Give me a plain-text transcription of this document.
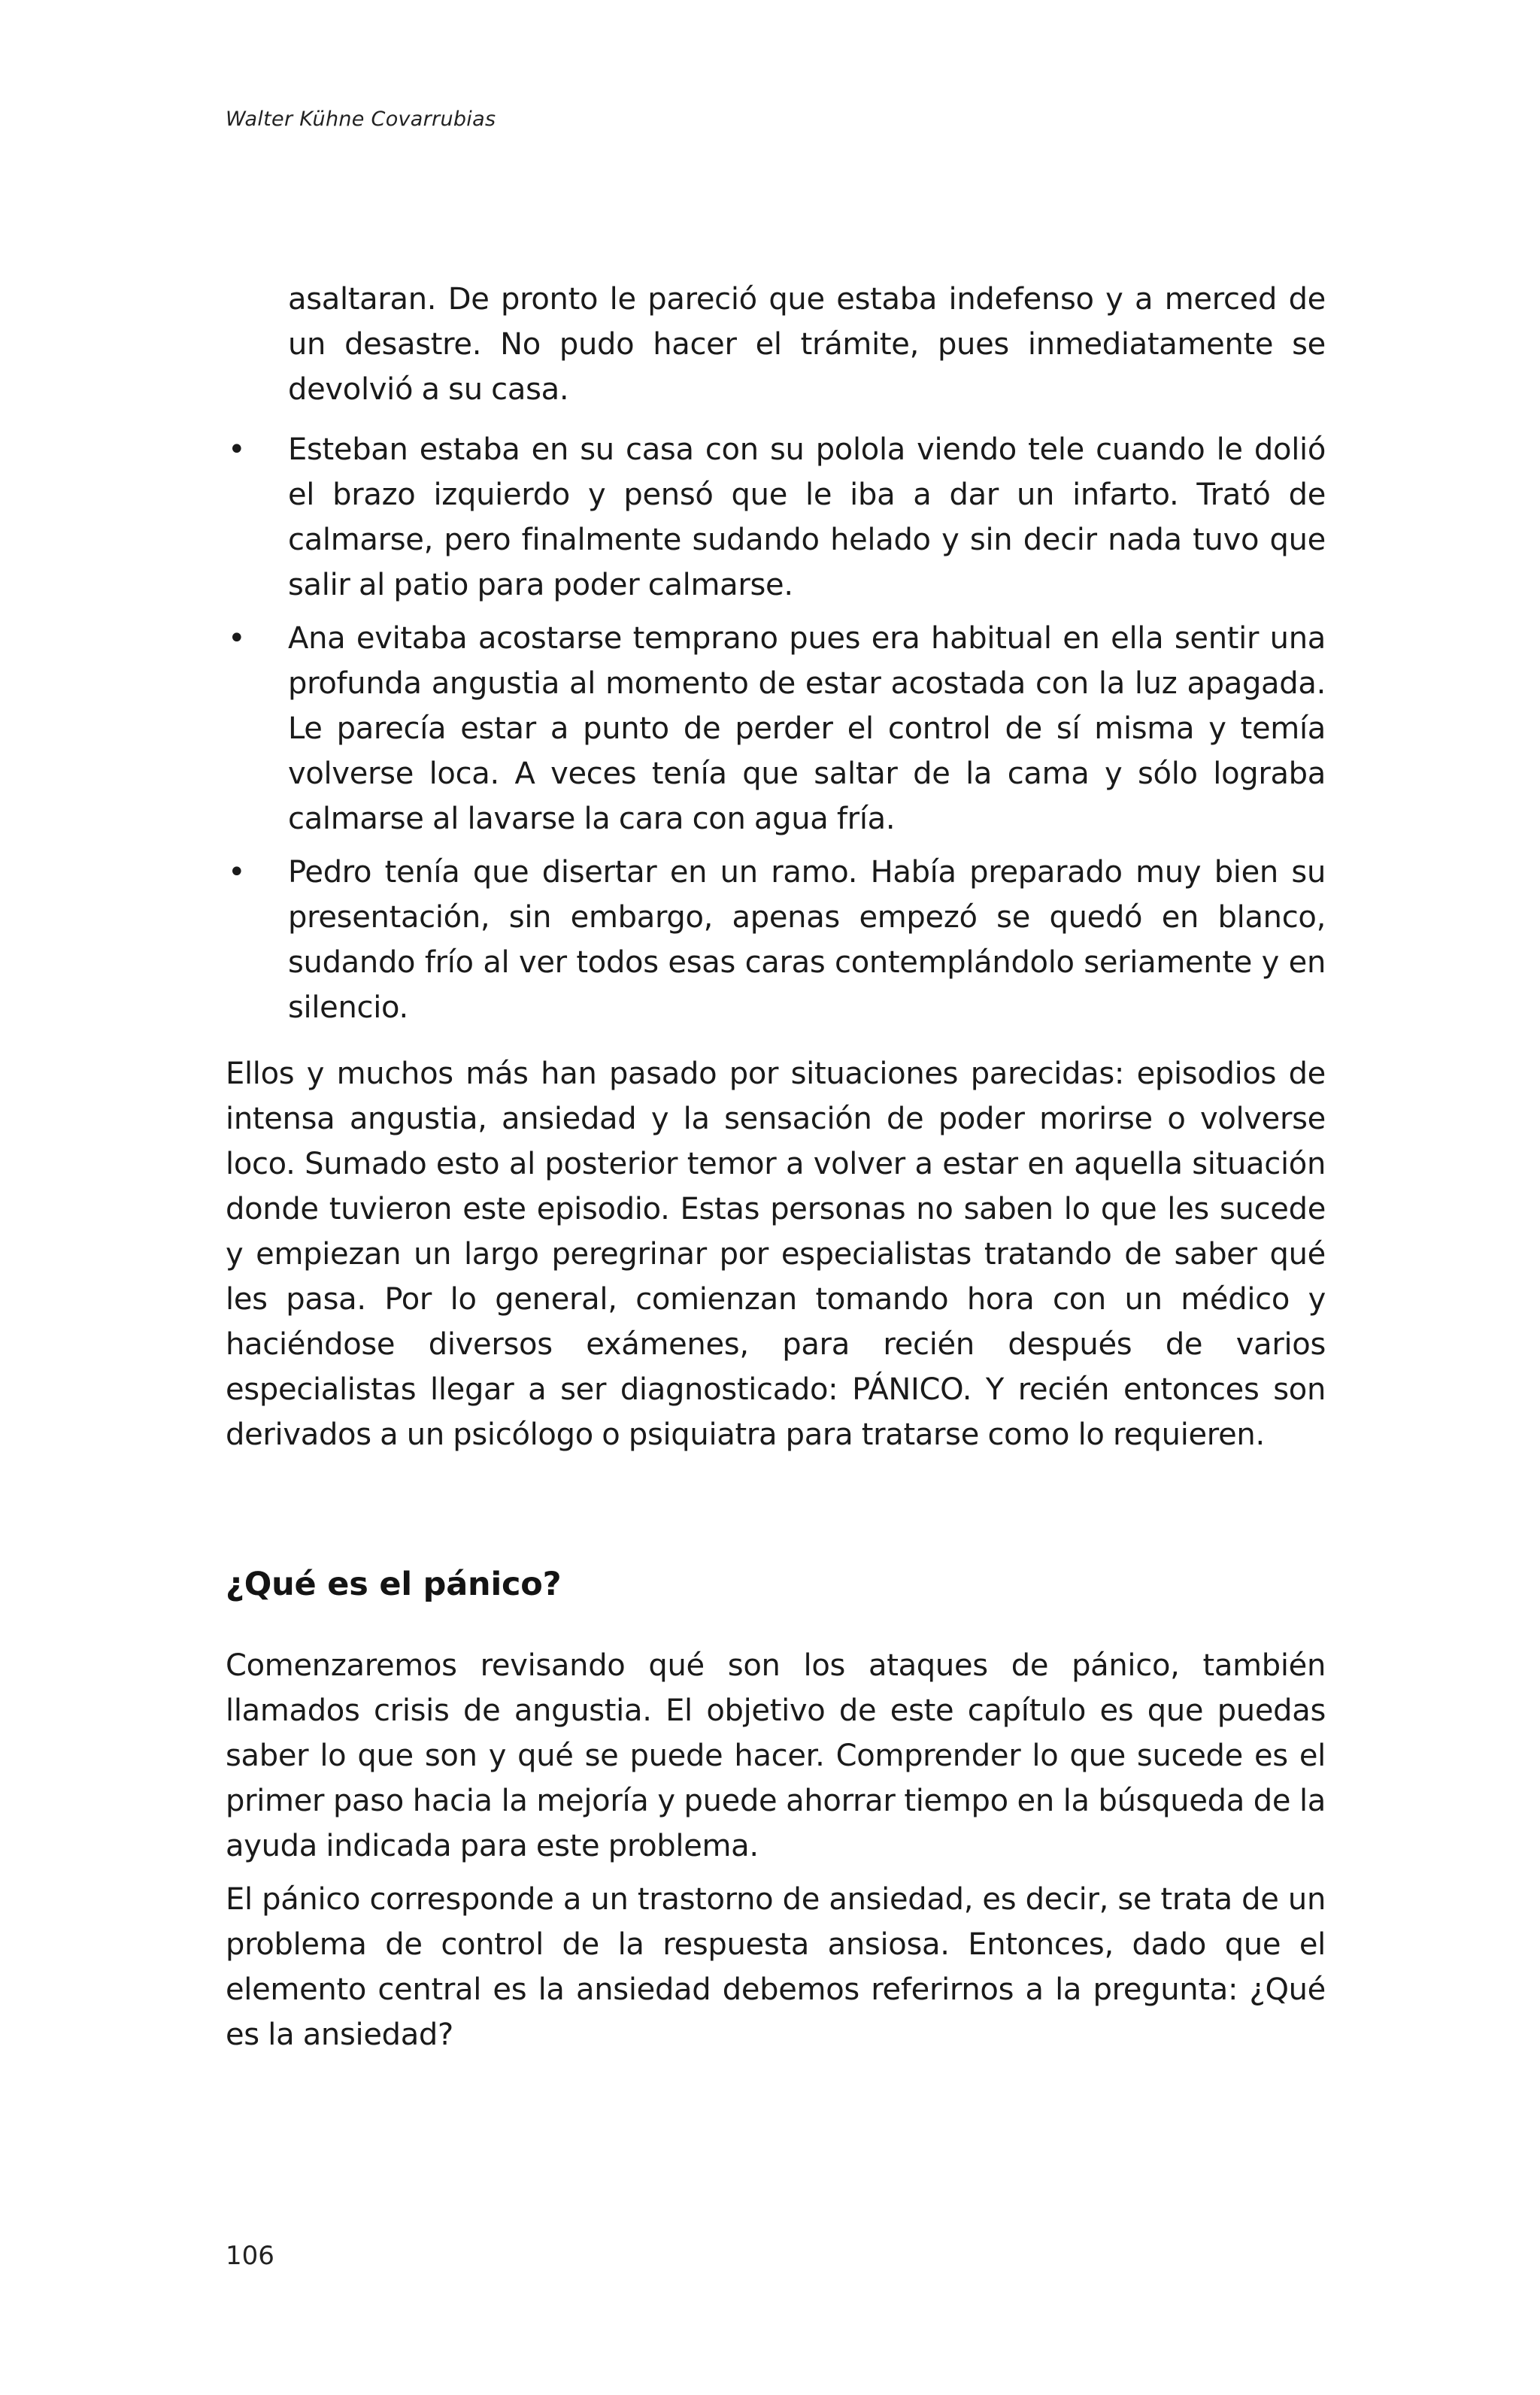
Walter Kühne Covarrubias

asaltaran. De pronto le pareció que estaba indefenso y a merced de un desastre. No pudo hacer el trámite, pues inmediatamente se devolvió a su casa.

• Esteban estaba en su casa con su polola viendo tele cuando le dolió el brazo izquierdo y pensó que le iba a dar un infarto. Trató de calmarse, pero finalmente sudando helado y sin decir nada tuvo que salir al patio para poder calmarse.
• Ana evitaba acostarse temprano pues era habitual en ella sentir una profunda angustia al momento de estar acostada con la luz apagada. Le parecía estar a punto de perder el control de sí misma y temía volverse loca. A veces tenía que saltar de la cama y sólo lograba calmarse al lavarse la cara con agua fría.
• Pedro tenía que disertar en un ramo. Había preparado muy bien su presentación, sin embargo, apenas empezó se quedó en blanco, sudando frío al ver todos esas caras contemplándolo seriamente y en silencio.

Ellos y muchos más han pasado por situaciones parecidas: episodios de intensa angustia, ansiedad y la sensación de poder morirse o volverse loco. Sumado esto al posterior temor a volver a estar en aquella situación donde tuvieron este episodio. Estas personas no saben lo que les sucede y empiezan un largo peregrinar por especialistas tratando de saber qué les pasa. Por lo general, comienzan tomando hora con un médico y haciéndose diversos exámenes, para recién después de varios especialistas llegar a ser diagnosticado: PÁNICO. Y recién entonces son derivados a un psicólogo o psiquiatra para tratarse como lo requieren.

¿Qué es el pánico?

Comenzaremos revisando qué son los ataques de pánico, también llamados crisis de angustia. El objetivo de este capítulo es que puedas saber lo que son y qué se puede hacer. Comprender lo que sucede es el primer paso hacia la mejoría y puede ahorrar tiempo en la búsqueda de la ayuda indicada para este problema.

El pánico corresponde a un trastorno de ansiedad, es decir, se trata de un problema de control de la respuesta ansiosa. Entonces, dado que el elemento central es la ansiedad debemos referirnos a la pregunta: ¿Qué es la ansiedad?

106
